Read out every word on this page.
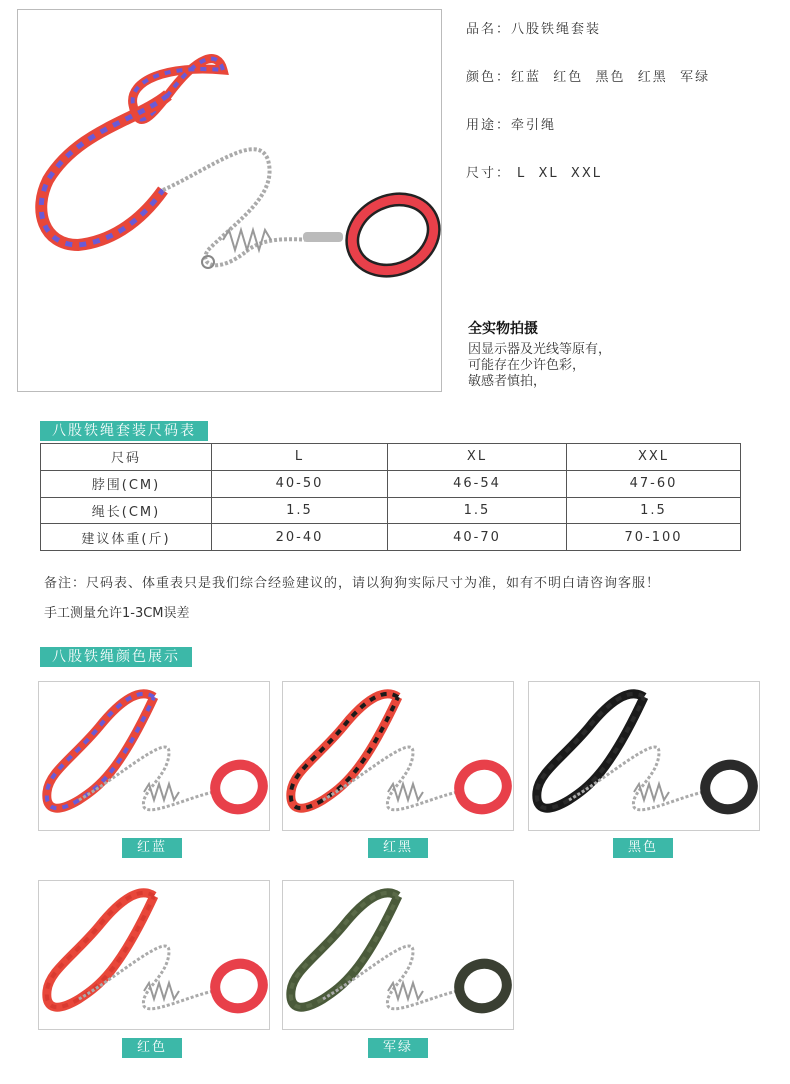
品名：八股铁绳套装
颜色：红蓝  红色  黑色  红黑  军绿
用途：牵引绳
尺寸： L  XL  XXL
全实物拍摄
因显示器及光线等原有，
可能存在少许色彩，
敏感者慎拍，
八股铁绳套装尺码表
尺码	L	XL	XXL
脖围(CM)	40-50	46-54	47-60
绳长(CM)	1.5	1.5	1.5
建议体重(斤)	20-40	40-70	70-100
备注：尺码表、体重表只是我们综合经验建议的，请以狗狗实际尺寸为准，如有不明白请咨询客服！
手工测量允许1-3CM误差
八股铁绳颜色展示
红蓝	红黑	黑色
红色	军绿
